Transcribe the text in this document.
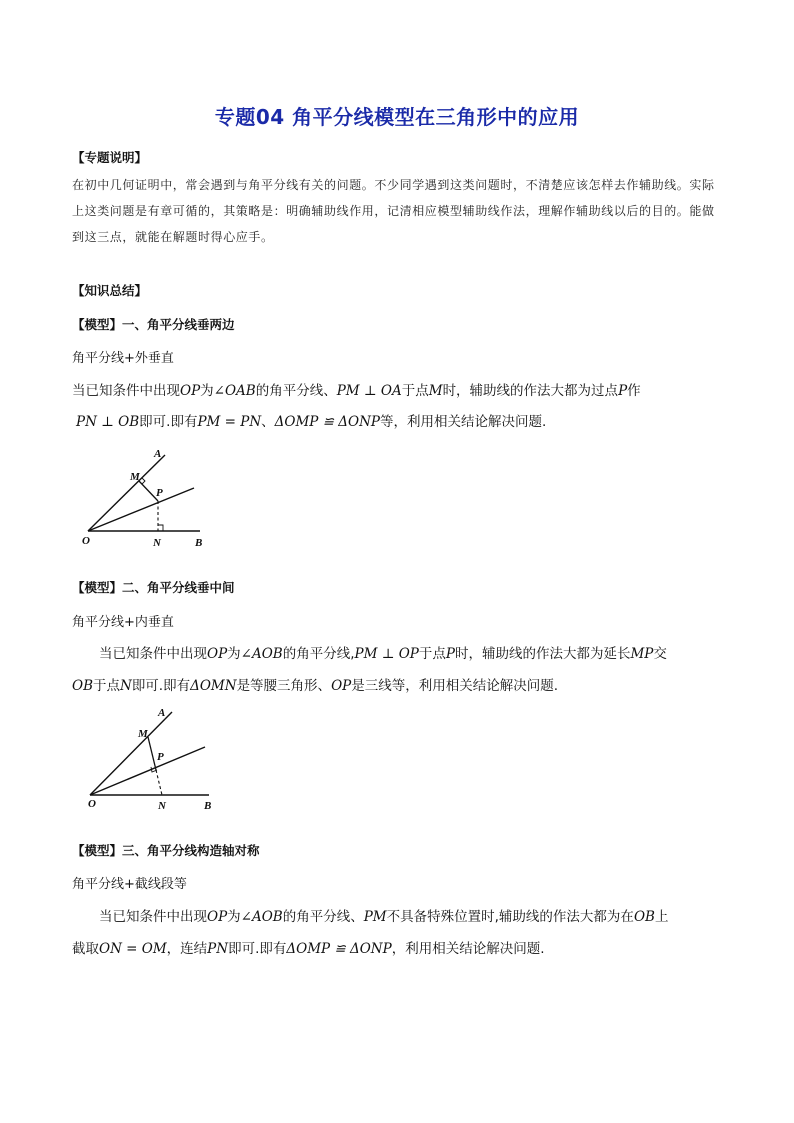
专题04 角平分线模型在三角形中的应用
【专题说明】
在初中几何证明中，常会遇到与角平分线有关的问题。不少同学遇到这类问题时，不清楚应该怎样去作辅助线。实际上这类问题是有章可循的，其策略是：明确辅助线作用，记清相应模型辅助线作法，理解作辅助线以后的目的。能做到这三点，就能在解题时得心应手。
【知识总结】
【模型】一、角平分线垂两边
角平分线+外垂直
当已知条件中出现OP为∠OAB的角平分线、PM ⊥ OA于点M时，辅助线的作法大都为过点P作
PN ⊥ OB即可.即有PM = PN、ΔOMP ≌ ΔONP等，利用相关结论解决问题.
A
M
P
O	N	B
【模型】二、角平分线垂中间
角平分线+内垂直
当已知条件中出现OP为∠AOB的角平分线,PM ⊥ OP于点P时，辅助线的作法大都为延长MP交
OB于点N即可.即有ΔOMN是等腰三角形、OP是三线等，利用相关结论解决问题.
A
M
P
O	N	B
【模型】三、角平分线构造轴对称
角平分线+截线段等
当已知条件中出现OP为∠AOB的角平分线、PM不具备特殊位置时,辅助线的作法大都为在OB上
截取ON = OM，连结PN即可.即有ΔOMP ≌ ΔONP，利用相关结论解决问题.
